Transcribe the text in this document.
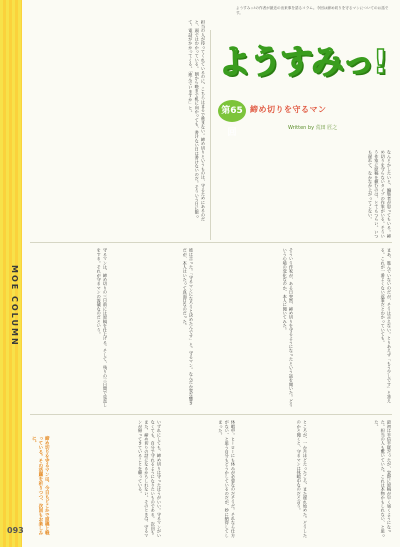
MOE COLUMN
ようすみっ!の作者が最近の出来事を語るコラム。今回は締め切りを守るマンについてのお話です。
ようすみっ!
第65回
締め切りを守るマン
Written by 荒田 匠之
なんとかしたいと、編集者が思ってもいる。締め切りを守らないタイプの作家がいる。そういう作家に原稿を頼むのは、とてもつらい。いつも遅れて、なかなか上がってこない。
担当の人が待ってくれているのに、こちらはまるで進まない。締め切りというものは、守るためにあるのだと、頭ではわかっている。 朝から晩まで机に向かっても、書けない日は書けないのだ。そういう日に限って、電話がかかってくる。「進んでいますか」と。
まあ、進んでいないのだが、そうは言えない。とりあえず「もう少しです」と答える。これが一番よくない返事だとわかっていても。
そういう作家が、ある日突然、締め切りを守るようになったという話を聞いた。どういう心境の変化なのか、本人に聞いてみた。
彼は言った。「守るマンになろうと決めたんです」と。守るマン。なんだか変な響きだが、本人はいたって真面目なのだった。
守るマンは、締め切りの三日前には原稿を仕上げる。そして、残りの三日間で見直しをする。それが守るマンの流儀なのだという。
最初は半信半疑だったが、実際に原稿が早く届くようになった。担当の人も驚いていた。これは本物かもしれない、と思った。
ところが、一か月ほどたったころ、また遅れ始めた。どうしたのかと聞くと、守るマンは休暇中なのだと言う。
休暇中。ヒーローにも休みが必要なのだそうだ。それなら仕方がない、と思う自分もどうかしているのだが、妙に納得してしまった。
いずれにしても、締め切りは守ったほうがいい。守るマンがいなくても、自分で守れるようになりたいものである。 次回もまた、締め切りの話になるかもしれない。そのときは、守るマンが帰ってきていることを願っている。
締め切りを守るマンは、今日もどこかで原稿と戦っている。その活躍を祈りつつ、次回もお楽しみに。
093
